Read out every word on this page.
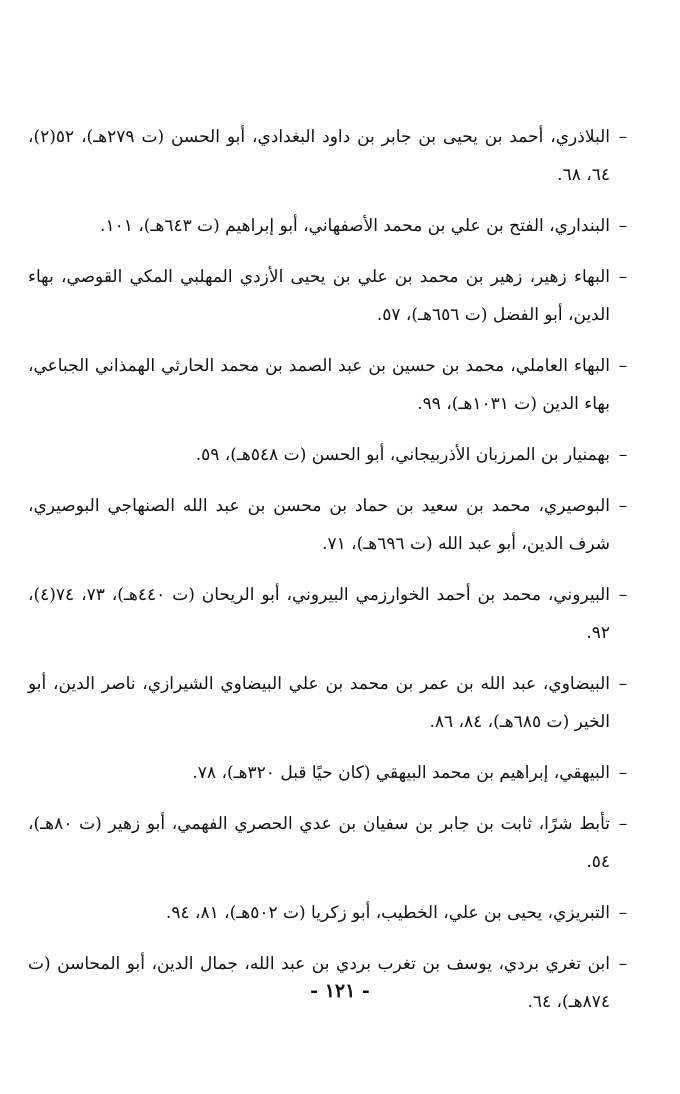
–
البلاذري، أحمد بن يحيى بن جابر بن داود البغدادي، أبو الحسن (ت ٢٧٩هـ)، ٥٢(٢)، ٦٤، ٦٨.
–
البنداري، الفتح بن علي بن محمد الأصفهاني، أبو إبراهيم (ت ٦٤٣هـ)، ١٠١.
–
البهاء زهير، زهير بن محمد بن علي بن يحيى الأزدي المهلبي المكي القوصي، بهاء الدين، أبو الفضل (ت ٦٥٦هـ)، ٥٧.
–
البهاء العاملي، محمد بن حسين بن عبد الصمد بن محمد الحارثي الهمذاني الجباعي، بهاء الدين (ت ١٠٣١هـ)، ٩٩.
–
بهمنيار بن المرزبان الأذربيجاني، أبو الحسن (ت ٥٤٨هـ)، ٥٩.
–
البوصيري، محمد بن سعيد بن حماد بن محسن بن عبد الله الصنهاجي البوصيري، شرف الدين، أبو عبد الله (ت ٦٩٦هـ)، ٧١.
–
البيروني، محمد بن أحمد الخوارزمي البيروني، أبو الريحان (ت ٤٤٠هـ)، ٧٣، ٧٤(٤)، ٩٢.
–
البيضاوي، عبد الله بن عمر بن محمد بن علي البيضاوي الشيرازي، ناصر الدين، أبو الخير (ت ٦٨٥هـ)، ٨٤، ٨٦.
–
البيهقي، إبراهيم بن محمد البيهقي (كان حيًا قبل ٣٢٠هـ)، ٧٨.
–
تأبط شرًا، ثابت بن جابر بن سفيان بن عدي الحصري الفهمي، أبو زهير (ت ٨٠هـ)، ٥٤.
–
التبريزي، يحيى بن علي، الخطيب، أبو زكريا (ت ٥٠٢هـ)، ٨١، ٩٤.
–
ابن تغري بردي، يوسف بن تغرب بردي بن عبد الله، جمال الدين، أبو المحاسن (ت ٨٧٤هـ)، ٦٤.
- ١٢١ -
